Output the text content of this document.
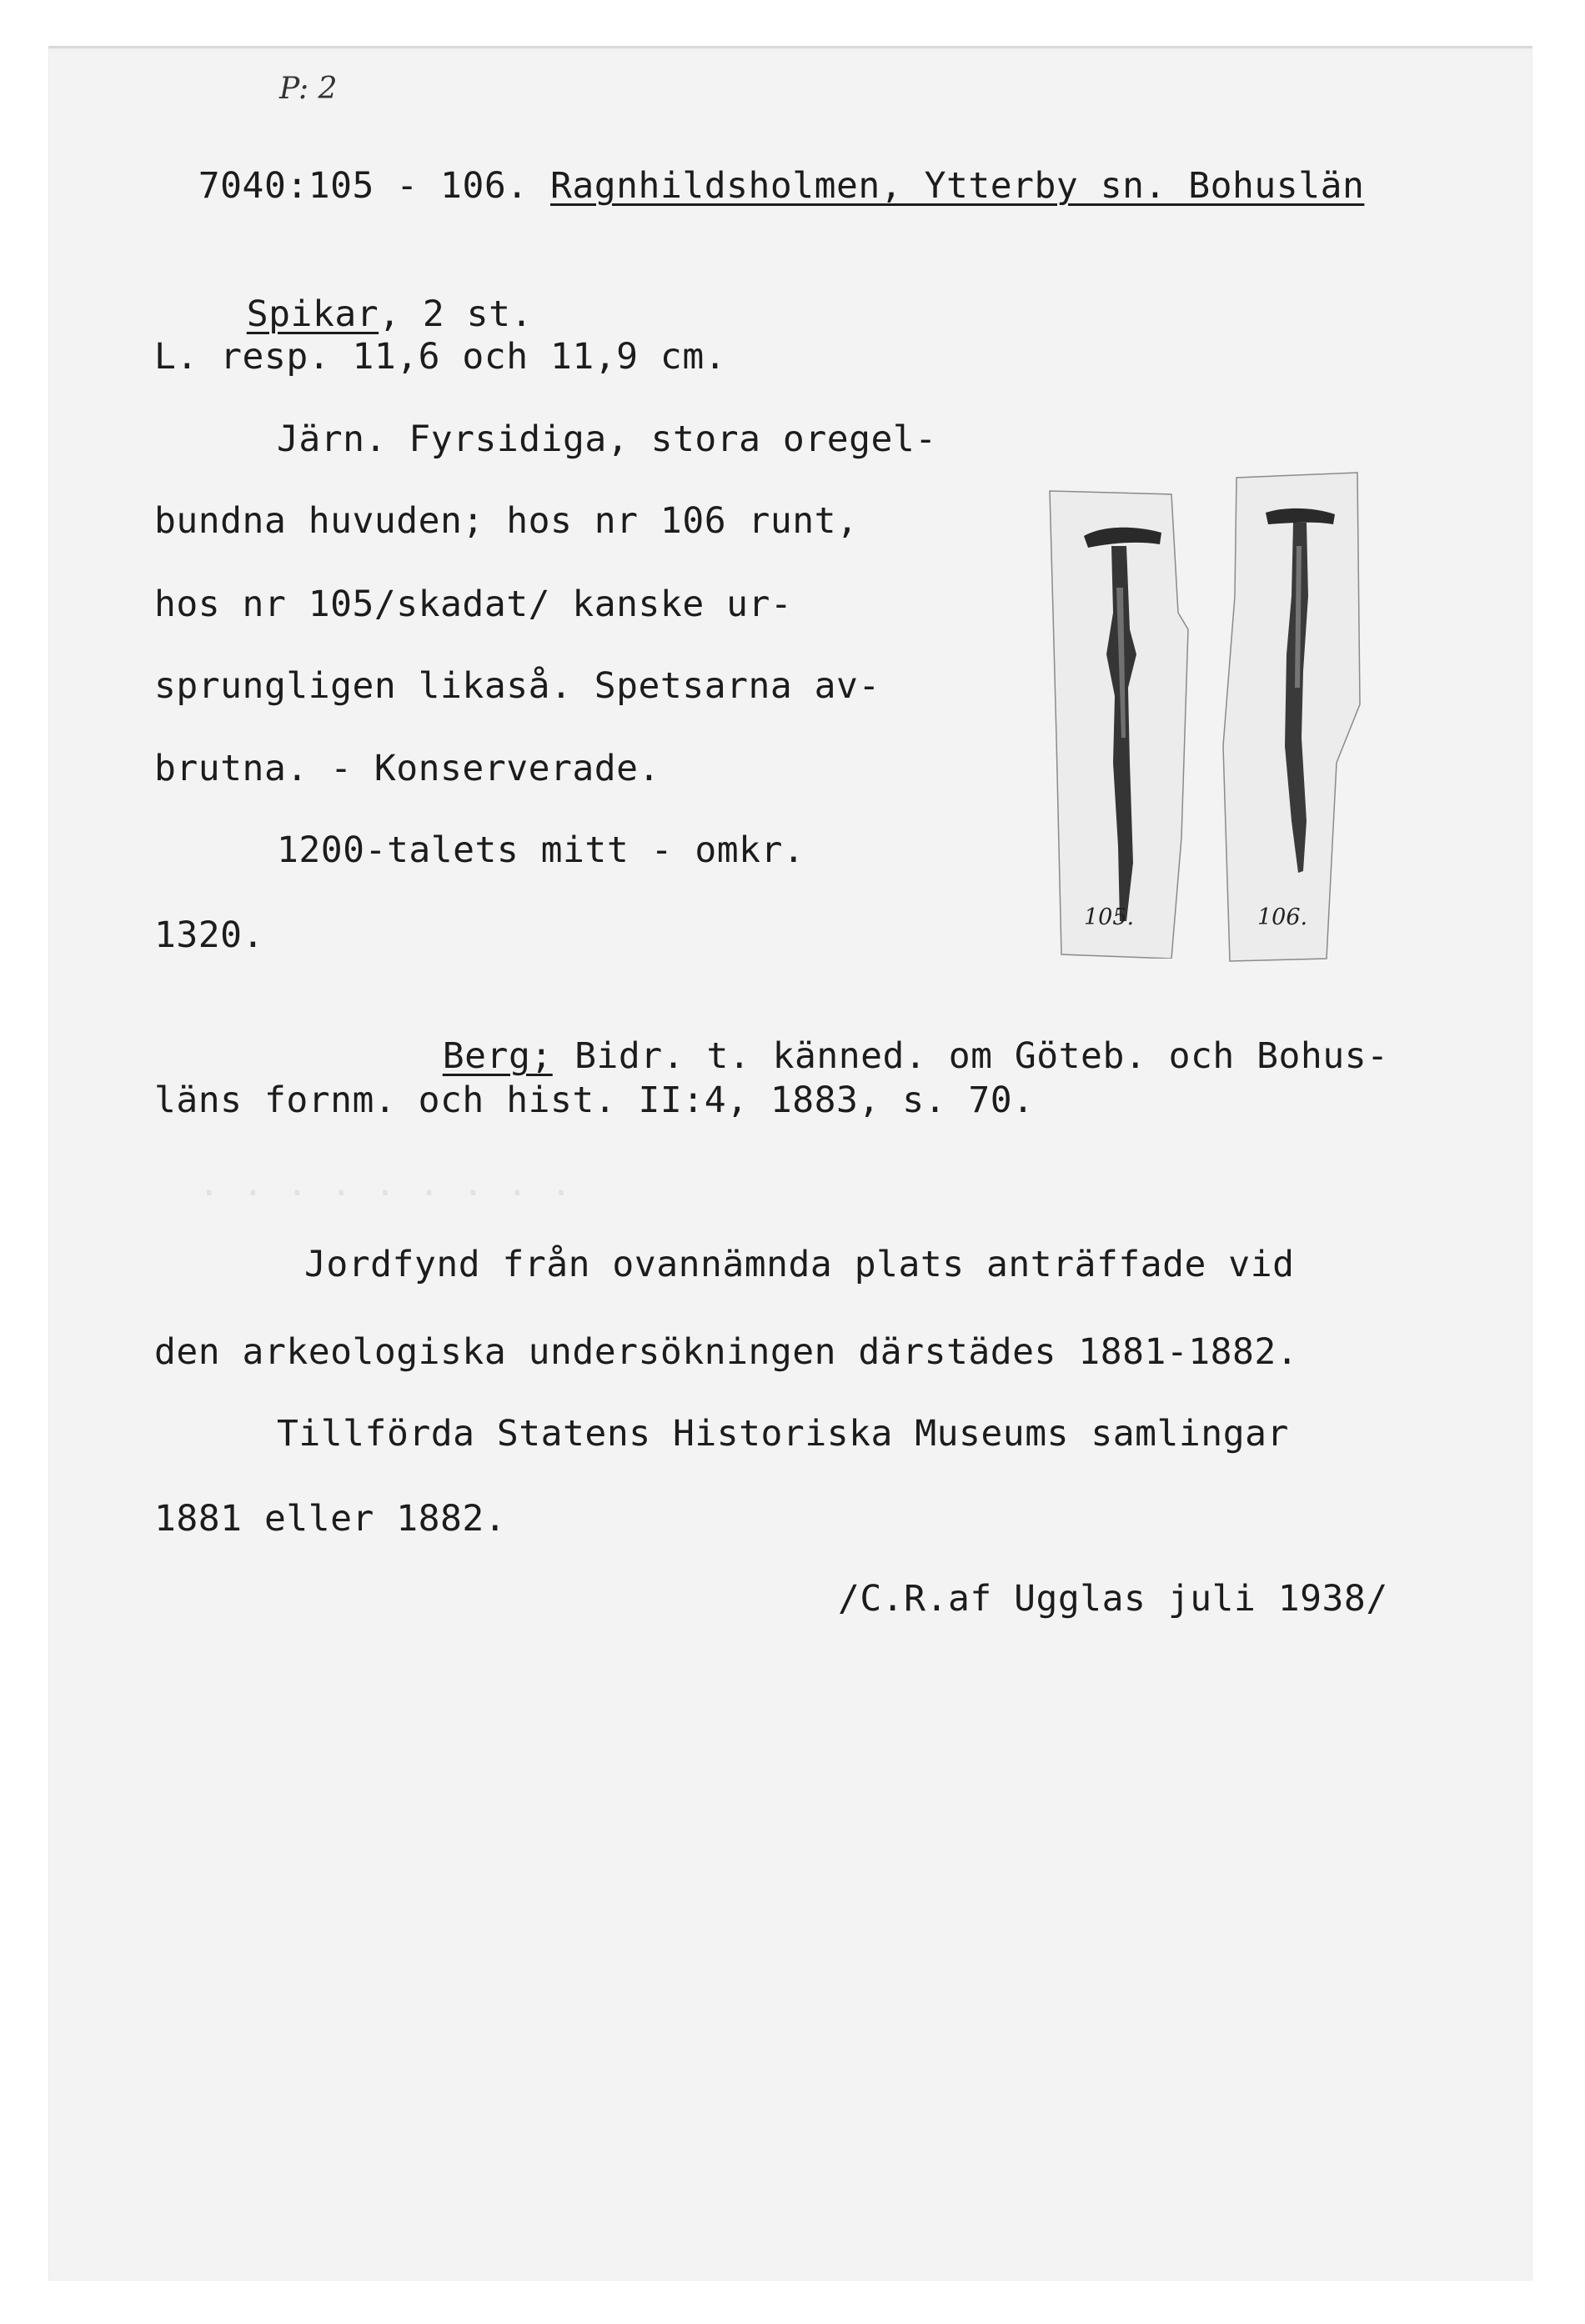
P: 2

7040:105 - 106. Ragnhildsholmen, Ytterby sn. Bohuslän

Spikar, 2 st.

L. resp. 11,6 och 11,9 cm.
Järn. Fyrsidiga, stora oregel-
bundna huvuden; hos nr 106 runt,
hos nr 105/skadat/ kanske ur-
sprungligen likaså. Spetsarna av-
brutna. - Konserverade.
1200-talets mitt - omkr.
1320.

Berg; Bidr. t. känned. om Göteb. och Bohus-

läns fornm. och hist. II:4, 1883, s. 70.
. . . . . . . . .
Jordfynd från ovannämnda plats anträffade vid
den arkeologiska undersökningen därstädes 1881-1882.
Tillförda Statens Historiska Museums samlingar
1881 eller 1882.
/C.R.af Ugglas juli 1938/
105.	106.
